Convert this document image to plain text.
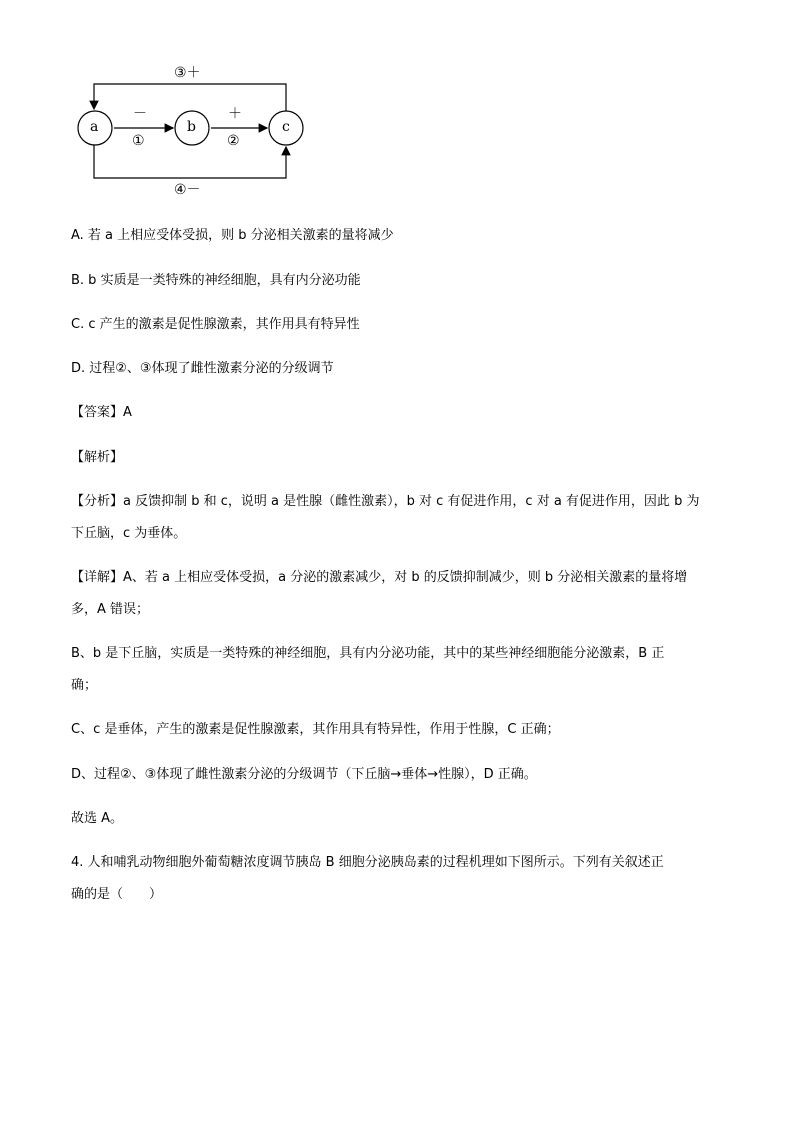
a	b	c
－
①
＋
②
③＋
④－
A. 若 a 上相应受体受损，则 b 分泌相关激素的量将减少
B. b 实质是一类特殊的神经细胞，具有内分泌功能
C. c 产生的激素是促性腺激素，其作用具有特异性
D. 过程②、③体现了雌性激素分泌的分级调节
【答案】A
【解析】
【分析】a 反馈抑制 b 和 c，说明 a 是性腺（雌性激素），b 对 c 有促进作用，c 对 a 有促进作用，因此 b 为
下丘脑，c 为垂体。
【详解】A、若 a 上相应受体受损，a 分泌的激素减少，对 b 的反馈抑制减少，则 b 分泌相关激素的量将增
多，A 错误；
B、b 是下丘脑，实质是一类特殊的神经细胞，具有内分泌功能，其中的某些神经细胞能分泌激素，B 正
确；
C、c 是垂体，产生的激素是促性腺激素，其作用具有特异性，作用于性腺，C 正确；
D、过程②、③体现了雌性激素分泌的分级调节（下丘脑→垂体→性腺），D 正确。
故选 A。
4. 人和哺乳动物细胞外葡萄糖浓度调节胰岛 B 细胞分泌胰岛素的过程机理如下图所示。下列有关叙述正
确的是（　　）
